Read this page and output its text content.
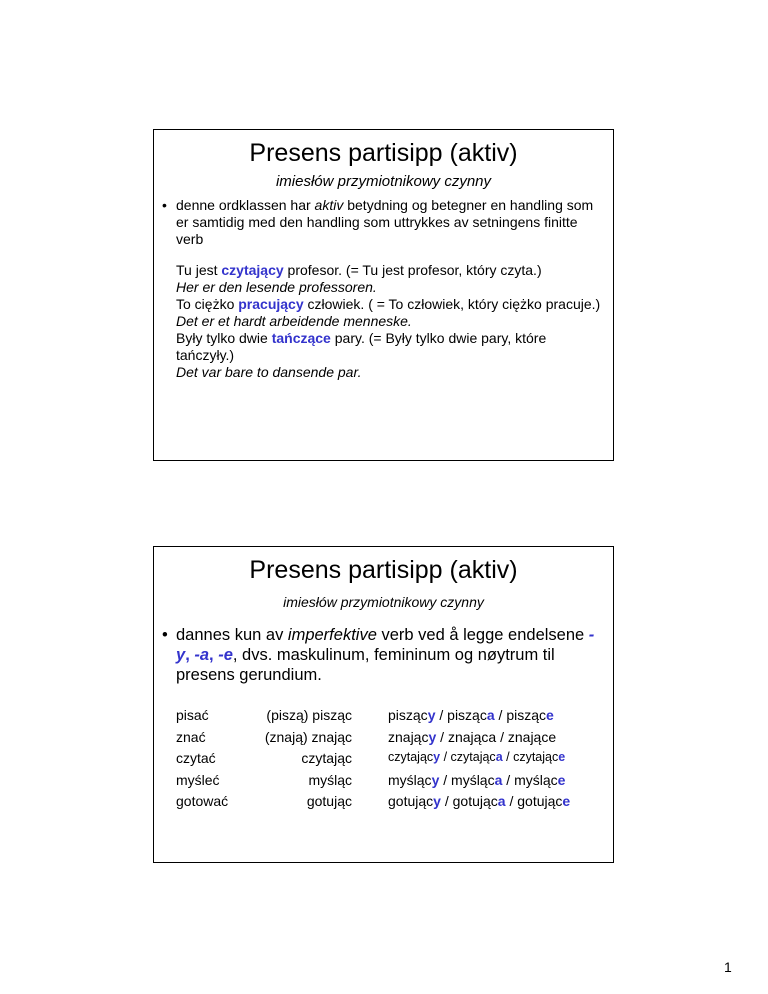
Presens partisipp (aktiv)
imiesłów przymiotnikowy czynny
• denne ordklassen har aktiv betydning og betegner en handling som er samtidig med den handling som uttrykkes av setningens finitte verb
Tu jest czytający profesor. (= Tu jest profesor, który czyta.)
Her er den lesende professoren.
To ciężko pracujący człowiek. ( = To człowiek, który ciężko pracuje.)
Det er et hardt arbeidende menneske.
Były tylko dwie tańczące pary. (= Były tylko dwie pary, które tańczyły.)
Det var bare to dansende par.
Presens partisipp (aktiv)
imiesłów przymiotnikowy czynny
• dannes kun av imperfektive verb ved å legge endelsene -y, -a, -e, dvs. maskulinum, femininum og nøytrum til presens gerundium.
pisać	(piszą) pisząc	piszący / pisząca / piszące
znać	(znają) znając	znający / znająca / znające
czytać	czytając	czytający / czytająca / czytające
myśleć	myśląc	myślący / myśląca / myślące
gotować	gotując	gotujący / gotująca / gotujące
1
